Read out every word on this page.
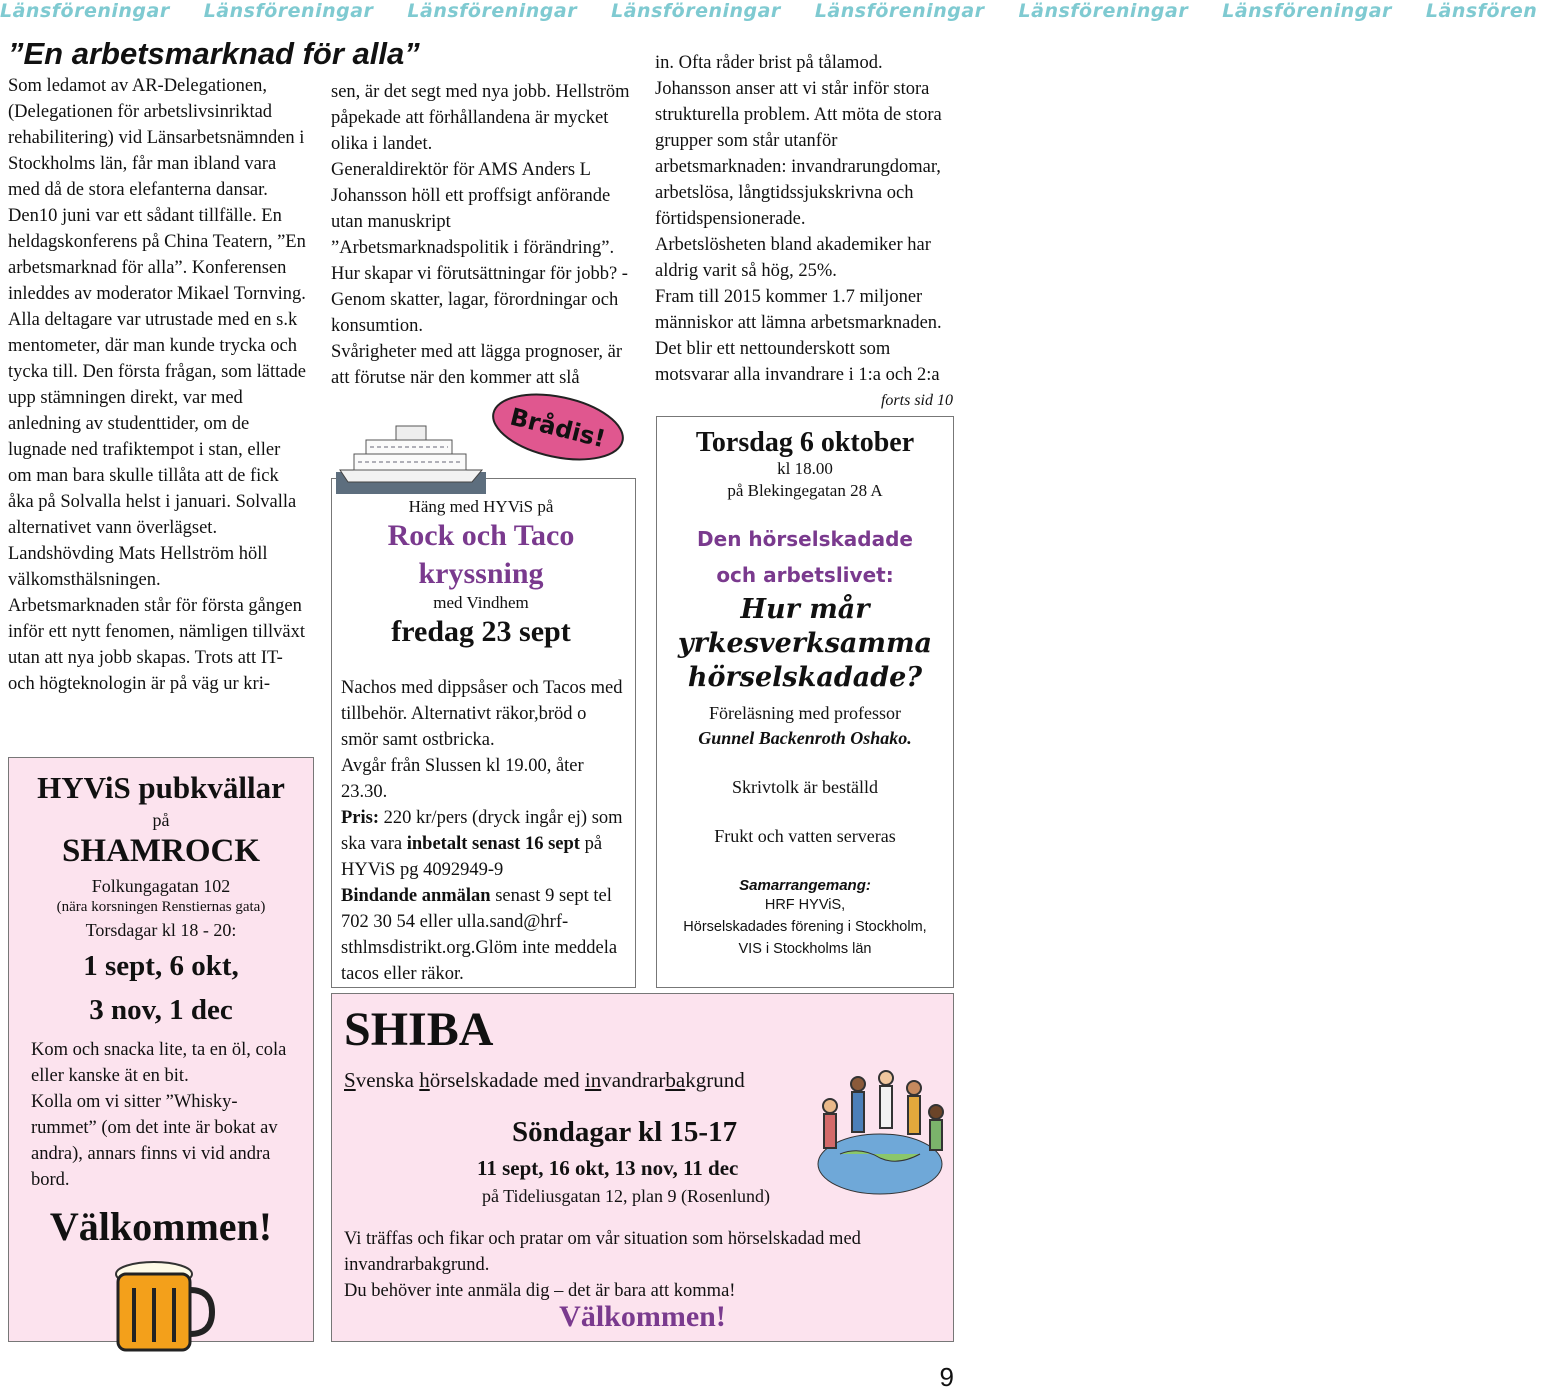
Länsföreningar Länsföreningar Länsföreningar Länsföreningar Länsföreningar Länsföreningar Länsföreningar Länsfören
”En arbetsmarknad för alla”

Som ledamot av AR-Delegationen, (Delegationen för arbetslivsinriktad rehabilitering) vid Länsarbetsnämnden i Stockholms län, får man ibland vara med då de stora elefanterna dansar. Den10 juni var ett sådant tillfälle. En heldagskonferens på China Teatern, ”En arbetsmarknad för alla”. Konferensen inleddes av moderator Mikael Tornving. Alla deltagare var utrustade med en s.k mentometer, där man kunde trycka och tycka till. Den första frågan, som lättade upp stämningen direkt, var med anledning av studenttider, om de lugnade ned trafiktempot i stan, eller om man bara skulle tillåta att de fick åka på Solvalla helst i januari. Solvalla alternativet vann överlägset.

Landshövding Mats Hellström höll välkomsthälsningen.

Arbetsmarknaden står för första gången inför ett nytt fenomen, nämligen tillväxt utan att nya jobb skapas. Trots att IT- och högteknologin är på väg ur kri-

sen, är det segt med nya jobb. Hellström påpekade att förhållandena är mycket olika i landet.

Generaldirektör för AMS Anders L Johansson höll ett proffsigt anförande utan manuskript ”Arbetsmarknadspolitik i förändring”. Hur skapar vi förutsättningar för jobb? - Genom skatter, lagar, förordningar och konsumtion.

Svårigheter med att lägga prognoser, är att förutse när den kommer att slå

in. Ofta råder brist på tålamod. Johansson anser att vi står inför stora strukturella problem. Att möta de stora grupper som står utanför arbetsmarknaden: invandrarungdomar, arbetslösa, långtidssjukskrivna och förtidspensionerade.

Arbetslösheten bland akademiker har aldrig varit så hög, 25%.

Fram till 2015 kommer 1.7 miljoner människor att lämna arbetsmarknaden. Det blir ett nettounderskott som motsvarar alla invandrare i 1:a och 2:a

forts sid 10
HYViS pubkvällar
på
SHAMROCK
Folkungagatan 102
(nära korsningen Renstiernas gata)
Torsdagar kl 18 - 20:
1 sept, 6 okt,
3 nov, 1 dec
Kom och snacka lite, ta en öl, cola eller kanske ät en bit.
Kolla om vi sitter ”Whisky-rummet” (om det inte är bokat av andra), annars finns vi vid andra bord.
Välkommen!
Brådis!
Häng med HYViS på
Rock och Taco kryssning
med Vindhem
fredag 23 sept
Nachos med dippsåser och Tacos med tillbehör. Alternativt räkor,bröd o smör samt ostbricka.
Avgår från Slussen kl 19.00, åter 23.30.
Pris: 220 kr/pers (dryck ingår ej) som ska vara inbetalt senast 16 sept på HYViS pg 4092949-9
Bindande anmälan senast 9 sept tel 702 30 54 eller ulla.sand@hrf-sthlmsdistrikt.org.Glöm inte meddela tacos eller räkor.
Torsdag 6 oktober
kl 18.00
på Blekingegatan 28 A
Den hörselskadade
och arbetslivet:
Hur mår yrkesverksamma hörselskadade?
Föreläsning med professor
Gunnel Backenroth Oshako.
Skrivtolk är beställd
Frukt och vatten serveras
Samarrangemang:
HRF HYViS,
Hörselskadades förening i Stockholm,
VIS i Stockholms län
SHIBA
Svenska hörselskadade med invandrarbakgrund
Söndagar kl 15-17
11 sept, 16 okt, 13 nov, 11 dec
på Tideliusgatan 12, plan 9 (Rosenlund)
Vi träffas och fikar och pratar om vår situation som hörselskadad med invandrarbakgrund.
Du behöver inte anmäla dig – det är bara att komma!
Välkommen!
9
